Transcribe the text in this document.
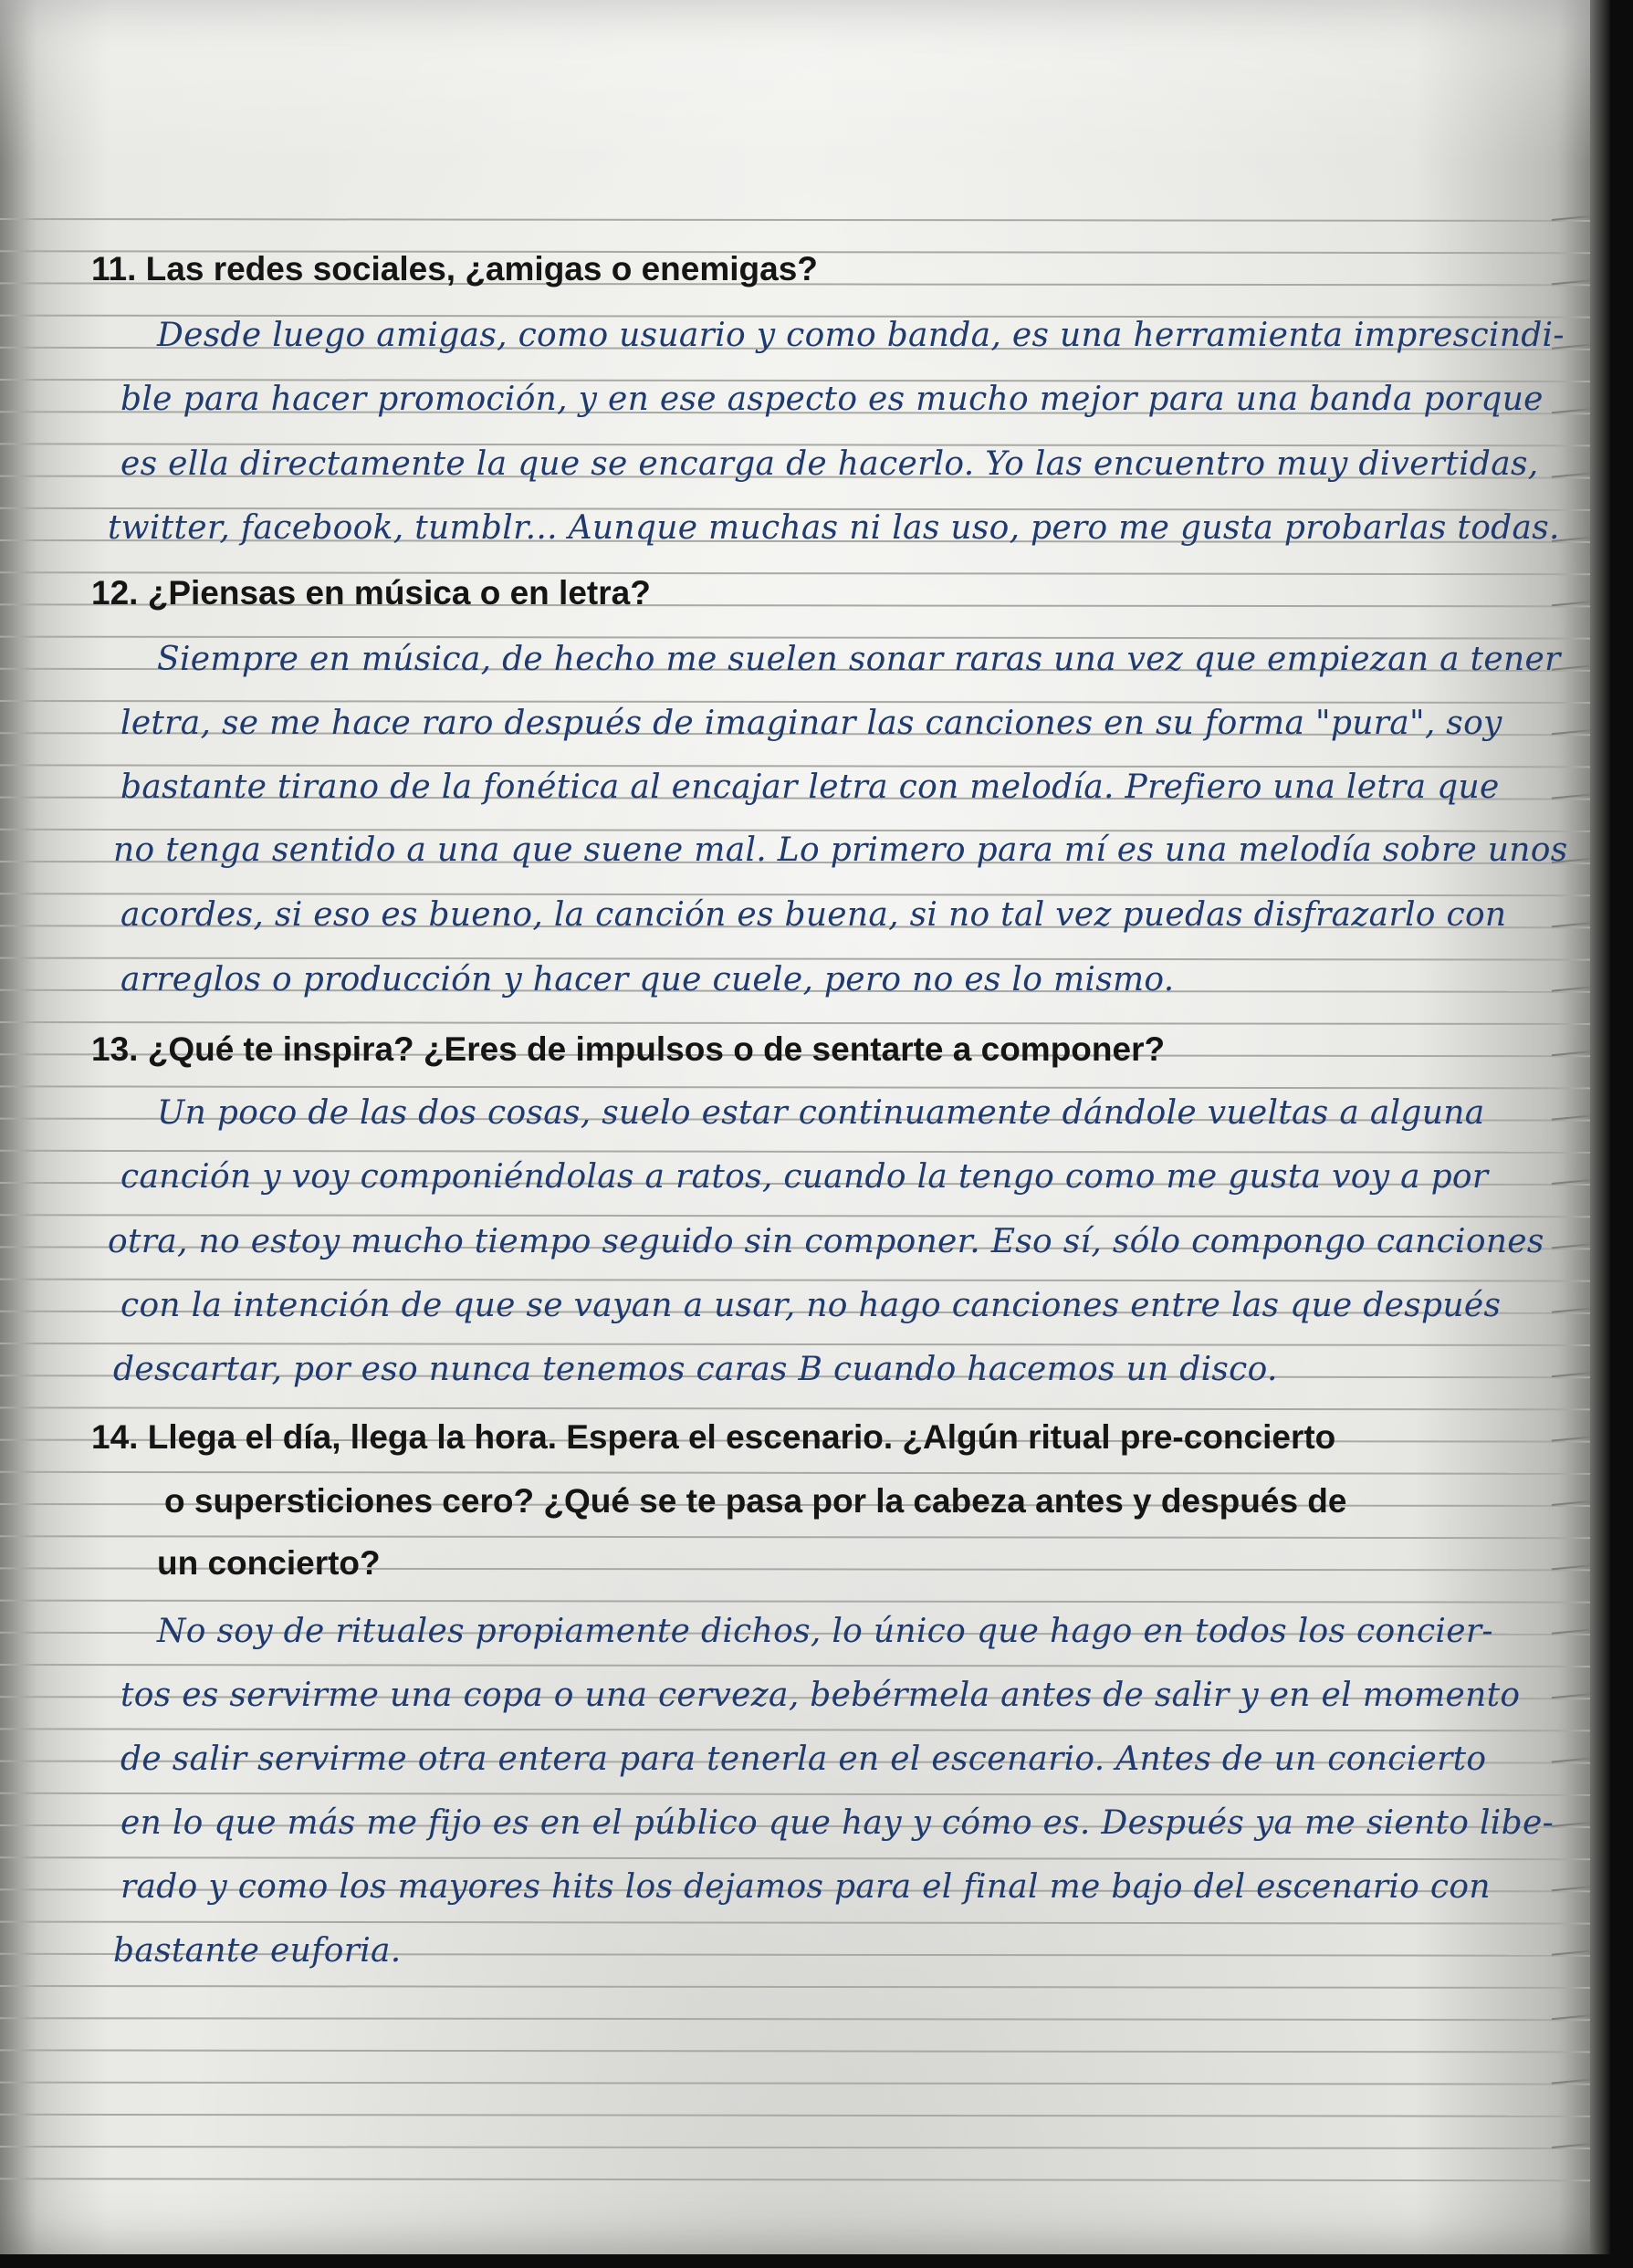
11. Las redes sociales, ¿amigas o enemigas?

Desde luego amigas, como usuario y como banda, es una herramienta imprescindi-

ble para hacer promoción, y en ese aspecto es mucho mejor para una banda porque

es ella directamente la que se encarga de hacerlo. Yo las encuentro muy divertidas,

twitter, facebook, tumblr... Aunque muchas ni las uso, pero me gusta probarlas todas.

12. ¿Piensas en música o en letra?

Siempre en música, de hecho me suelen sonar raras una vez que empiezan a tener

letra, se me hace raro después de imaginar las canciones en su forma "pura", soy

bastante tirano de la fonética al encajar letra con melodía. Prefiero una letra que

no tenga sentido a una que suene mal. Lo primero para mí es una melodía sobre unos

acordes, si eso es bueno, la canción es buena, si no tal vez puedas disfrazarlo con

arreglos o producción y hacer que cuele, pero no es lo mismo.

13. ¿Qué te inspira? ¿Eres de impulsos o de sentarte a componer?

Un poco de las dos cosas, suelo estar continuamente dándole vueltas a alguna

canción y voy componiéndolas a ratos, cuando la tengo como me gusta voy a por

otra, no estoy mucho tiempo seguido sin componer. Eso sí, sólo compongo canciones

con la intención de que se vayan a usar, no hago canciones entre las que después

descartar, por eso nunca tenemos caras B cuando hacemos un disco.

14. Llega el día, llega la hora. Espera el escenario. ¿Algún ritual pre-concierto

o supersticiones cero? ¿Qué se te pasa por la cabeza antes y después de

un concierto?

No soy de rituales propiamente dichos, lo único que hago en todos los concier-

tos es servirme una copa o una cerveza, bebérmela antes de salir y en el momento

de salir servirme otra entera para tenerla en el escenario. Antes de un concierto

en lo que más me fijo es en el público que hay y cómo es. Después ya me siento libe-

rado y como los mayores hits los dejamos para el final me bajo del escenario con

bastante euforia.
